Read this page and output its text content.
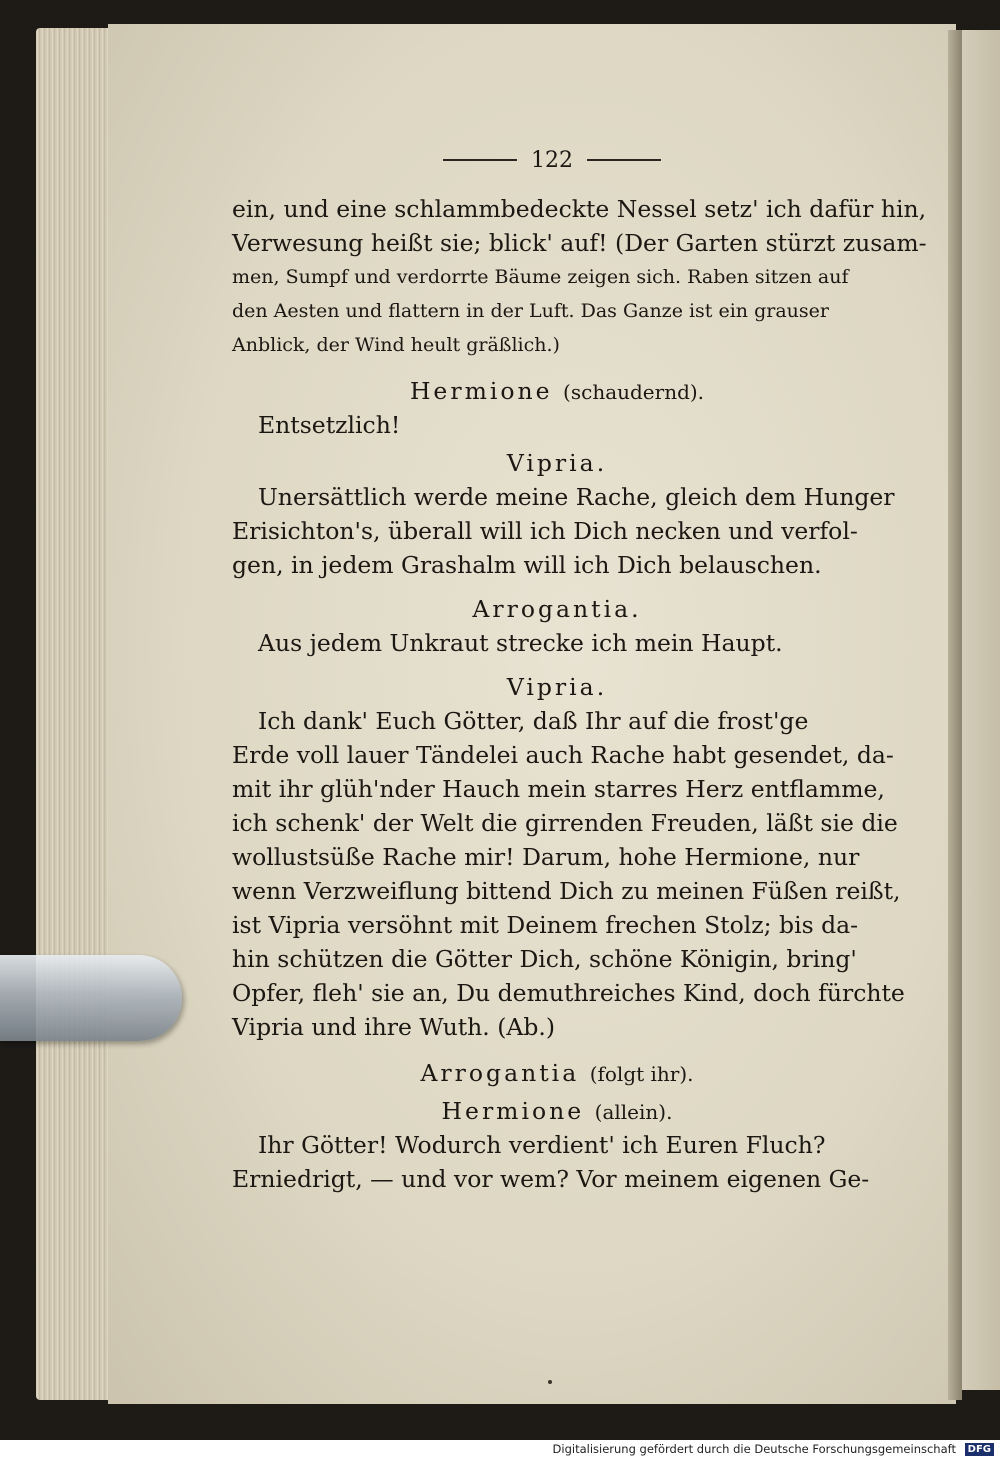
122
ein, und eine schlammbedeckte Nessel setz' ich dafür hin,
Verwesung heißt sie; blick' auf! (Der Garten stürzt zusam-
men, Sumpf und verdorrte Bäume zeigen sich. Raben sitzen auf
den Aesten und flattern in der Luft. Das Ganze ist ein grauser
Anblick, der Wind heult gräßlich.)
Hermione (schaudernd).
Entsetzlich!
Vipria.
Unersättlich werde meine Rache, gleich dem Hunger
Erisichton's, überall will ich Dich necken und verfol-
gen, in jedem Grashalm will ich Dich belauschen.
Arrogantia.
Aus jedem Unkraut strecke ich mein Haupt.
Vipria.
Ich dank' Euch Götter, daß Ihr auf die frost'ge
Erde voll lauer Tändelei auch Rache habt gesendet, da-
mit ihr glüh'nder Hauch mein starres Herz entflamme,
ich schenk' der Welt die girrenden Freuden, läßt sie die
wollustsüße Rache mir! Darum, hohe Hermione, nur
wenn Verzweiflung bittend Dich zu meinen Füßen reißt,
ist Vipria versöhnt mit Deinem frechen Stolz; bis da-
hin schützen die Götter Dich, schöne Königin, bring'
Opfer, fleh' sie an, Du demuthreiches Kind, doch fürchte
Vipria und ihre Wuth. (Ab.)
Arrogantia (folgt ihr).
Hermione (allein).
Ihr Götter! Wodurch verdient' ich Euren Fluch?
Erniedrigt, — und vor wem? Vor meinem eigenen Ge-
Digitalisierung gefördert durch die Deutsche Forschungsgemeinschaft	DFG
